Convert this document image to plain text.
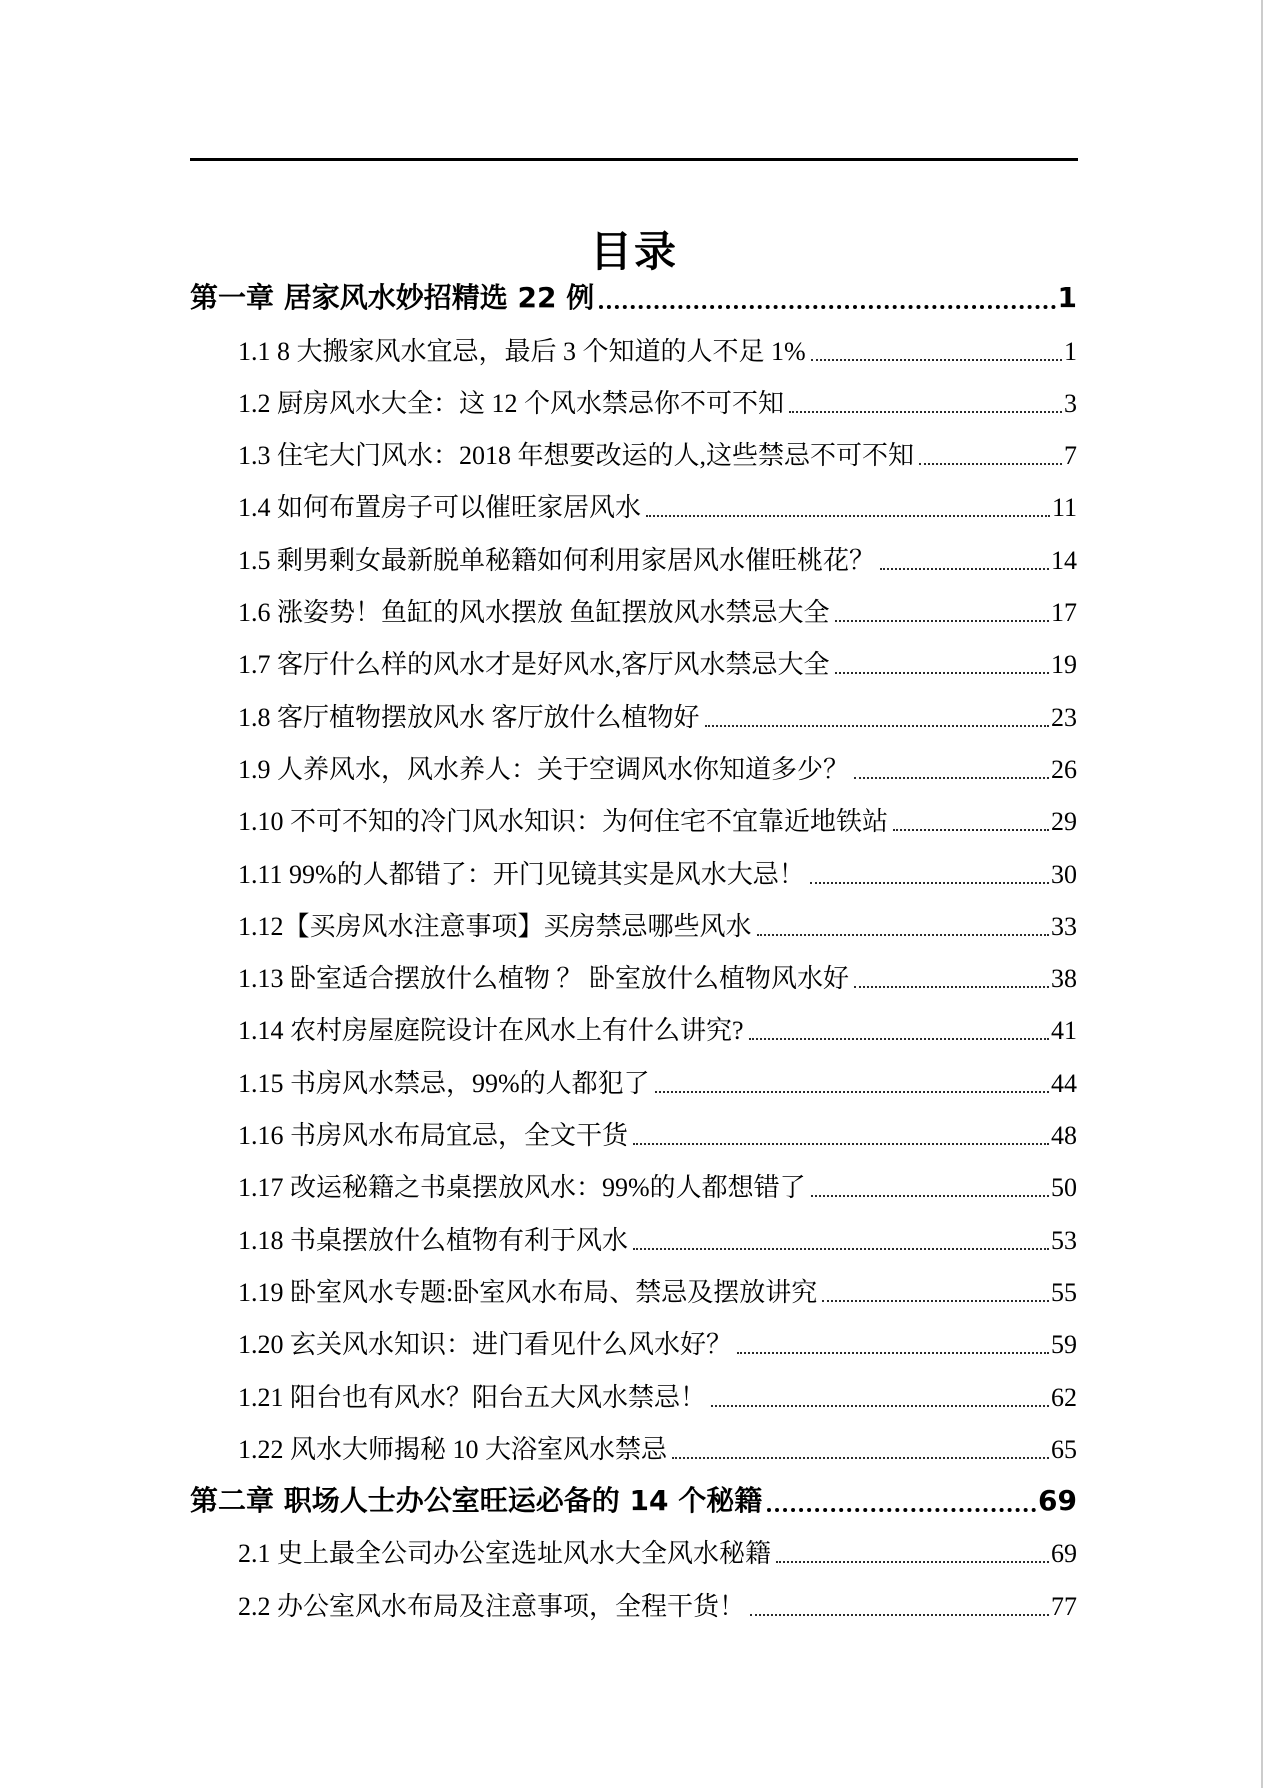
目录
第一章 居家风水妙招精选 22 例	1
1.1 8 大搬家风水宜忌，最后 3 个知道的人不足 1%	1
1.2 厨房风水大全：这 12 个风水禁忌你不可不知	3
1.3 住宅大门风水：2018 年想要改运的人,这些禁忌不可不知	7
1.4 如何布置房子可以催旺家居风水	11
1.5 剩男剩女最新脱单秘籍如何利用家居风水催旺桃花？	14
1.6 涨姿势！鱼缸的风水摆放 鱼缸摆放风水禁忌大全	17
1.7 客厅什么样的风水才是好风水,客厅风水禁忌大全	19
1.8 客厅植物摆放风水 客厅放什么植物好	23
1.9 人养风水，风水养人：关于空调风水你知道多少？	26
1.10 不可不知的冷门风水知识：为何住宅不宜靠近地铁站	29
1.11 99%的人都错了：开门见镜其实是风水大忌！	30
1.12【买房风水注意事项】买房禁忌哪些风水	33
1.13 卧室适合摆放什么植物 ？ 卧室放什么植物风水好	38
1.14 农村房屋庭院设计在风水上有什么讲究?	41
1.15 书房风水禁忌，99%的人都犯了	44
1.16 书房风水布局宜忌，全文干货	48
1.17 改运秘籍之书桌摆放风水：99%的人都想错了	50
1.18 书桌摆放什么植物有利于风水	53
1.19 卧室风水专题:卧室风水布局、禁忌及摆放讲究	55
1.20 玄关风水知识：进门看见什么风水好？	59
1.21 阳台也有风水？阳台五大风水禁忌！	62
1.22 风水大师揭秘 10 大浴室风水禁忌	65
第二章 职场人士办公室旺运必备的 14 个秘籍	69
2.1 史上最全公司办公室选址风水大全风水秘籍	69
2.2 办公室风水布局及注意事项，全程干货！	77
